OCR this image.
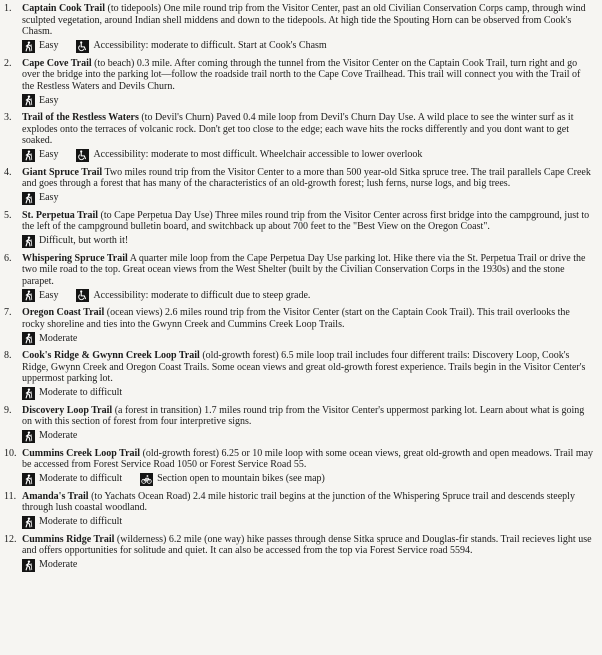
1. Captain Cook Trail (to tidepools) One mile round trip from the Visitor Center, past an old Civilian Conservation Corps camp, through wind sculpted vegetation, around Indian shell middens and down to the tidepools. At high tide the Spouting Horn can be observed from Cook's Chasm.

Easy	Accessibility: moderate to difficult. Start at Cook's Chasm
2. Cape Cove Trail (to beach) 0.3 mile. After coming through the tunnel from the Visitor Center on the Captain Cook Trail, turn right and go over the bridge into the parking lot—follow the roadside trail north to the Cape Cove Trailhead. This trail will connect you with the Trail of the Restless Waters and Devils Churn.

Easy
3. Trail of the Restless Waters (to Devil's Churn) Paved 0.4 mile loop from Devil's Churn Day Use. A wild place to see the winter surf as it explodes onto the terraces of volcanic rock. Don't get too close to the edge; each wave hits the rocks differently and you dont want to get soaked.

Easy	Accessibility: moderate to most difficult. Wheelchair accessible to lower overlook
4. Giant Spruce Trail Two miles round trip from the Visitor Center to a more than 500 year-old Sitka spruce tree. The trail parallels Cape Creek and goes through a forest that has many of the characteristics of an old-growth forest; lush ferns, nurse logs, and big trees.

Easy
5. St. Perpetua Trail (to Cape Perpetua Day Use) Three miles round trip from the Visitor Center across first bridge into the campground, just to the left of the campground bulletin board, and switchback up about 700 feet to the "Best View on the Oregon Coast".

Difficult, but worth it!
6. Whispering Spruce Trail A quarter mile loop from the Cape Perpetua Day Use parking lot. Hike there via the St. Perpetua Trail or drive the two mile road to the top. Great ocean views from the West Shelter (built by the Civilian Conservation Corps in the 1930s) and the stone parapet.

Easy	Accessibility: moderate to difficult due to steep grade.
7. Oregon Coast Trail (ocean views) 2.6 miles round trip from the Visitor Center (start on the Captain Cook Trail). This trail overlooks the rocky shoreline and ties into the Gwynn Creek and Cummins Creek Loop Trails.

Moderate
8. Cook's Ridge & Gwynn Creek Loop Trail (old-growth forest) 6.5 mile loop trail includes four different trails: Discovery Loop, Cook's Ridge, Gwynn Creek and Oregon Coast Trails. Some ocean views and great old-growth forest experience. Trails begin in the Visitor Center's uppermost parking lot.

Moderate to difficult
9. Discovery Loop Trail (a forest in transition) 1.7 miles round trip from the Visitor Center's uppermost parking lot. Learn about what is going on with this section of forest from four interpretive signs.

Moderate
10. Cummins Creek Loop Trail (old-growth forest) 6.25 or 10 mile loop with some ocean views, great old-growth and open meadows. Trail may be accessed from Forest Service Road 1050 or Forest Service Road 55.

Moderate to difficult	Section open to mountain bikes (see map)
11. Amanda's Trail (to Yachats Ocean Road) 2.4 mile historic trail begins at the junction of the Whispering Spruce trail and descends steeply through lush coastal woodland.

Moderate to difficult
12. Cummins Ridge Trail (wilderness) 6.2 mile (one way) hike passes through dense Sitka spruce and Douglas-fir stands. Trail recieves light use and offers opportunities for solitude and quiet. It can also be accessed from the top via Forest Service road 5594.

Moderate
